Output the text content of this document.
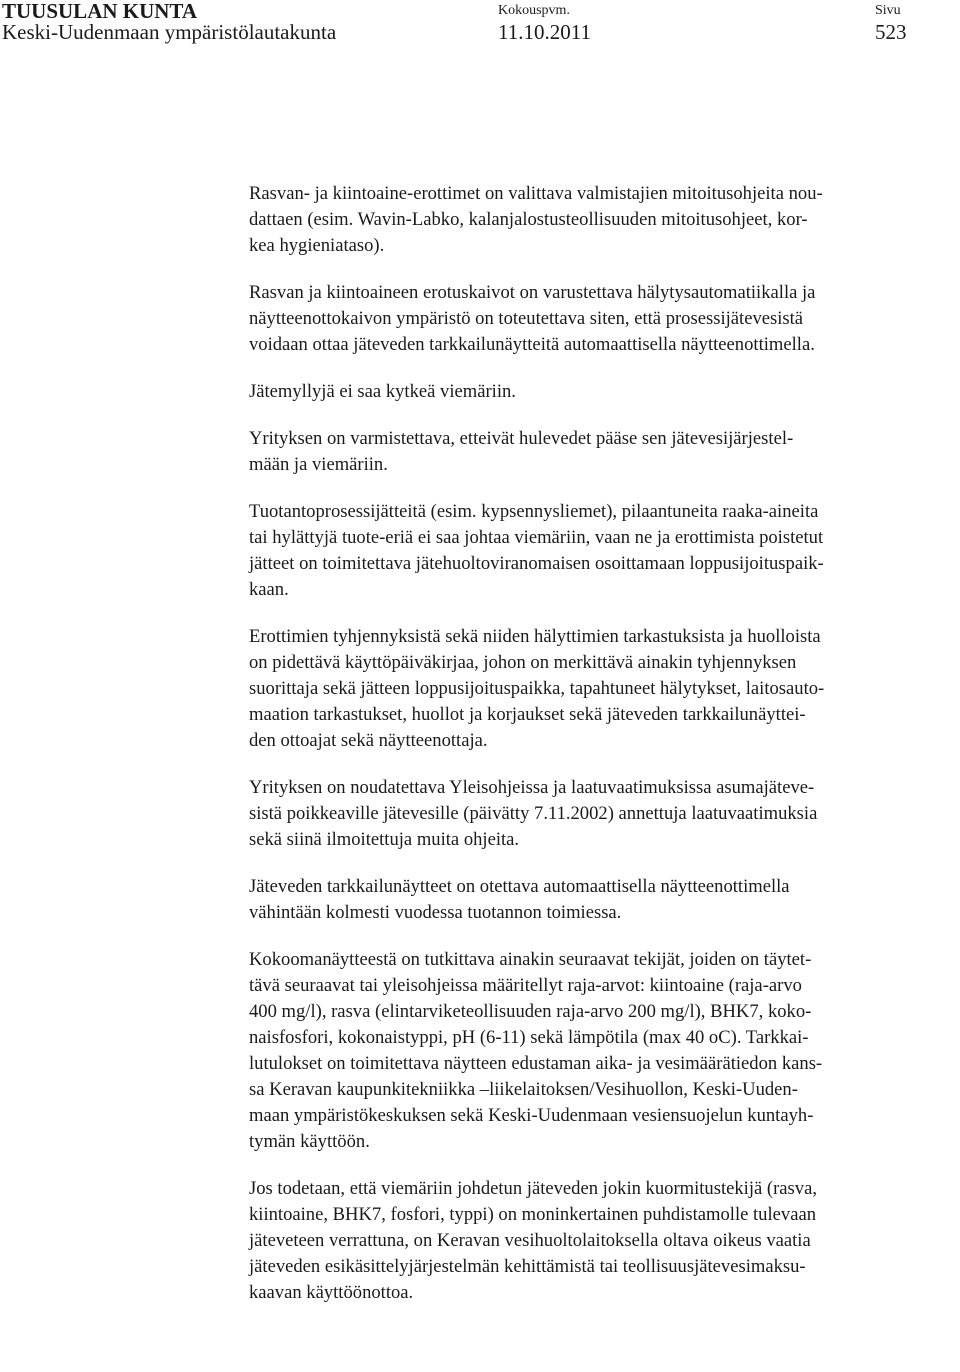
TUUSULAN KUNTA
Keski-Uudenmaan ympäristölautakunta
Kokouspvm.
11.10.2011
Sivu
523

Rasvan- ja kiintoaine-erottimet on valittava valmistajien mitoitusohjeita nou-
dattaen (esim. Wavin-Labko, kalanjalostusteollisuuden mitoitusohjeet, kor-
kea hygieniataso).

Rasvan ja kiintoaineen erotuskaivot on varustettava hälytysautomatiikalla ja
näytteenottokaivon ympäristö on toteutettava siten, että prosessijätevesistä
voidaan ottaa jäteveden tarkkailunäytteitä automaattisella näytteenottimella.

Jätemyllyjä ei saa kytkeä viemäriin.

Yrityksen on varmistettava, etteivät hulevedet pääse sen jätevesijärjestel-
mään ja viemäriin.

Tuotantoprosessijätteitä (esim. kypsennysliemet), pilaantuneita raaka-aineita
tai hylättyjä tuote-eriä ei saa johtaa viemäriin, vaan ne ja erottimista poistetut
jätteet on toimitettava jätehuoltoviranomaisen osoittamaan loppusijoituspaik-
kaan.

Erottimien tyhjennyksistä sekä niiden hälyttimien tarkastuksista ja huolloista
on pidettävä käyttöpäiväkirjaa, johon on merkittävä ainakin tyhjennyksen
suorittaja sekä jätteen loppusijoituspaikka, tapahtuneet hälytykset, laitosauto-
maation tarkastukset, huollot ja korjaukset sekä jäteveden tarkkailunäyttei-
den ottoajat sekä näytteenottaja.

Yrityksen on noudatettava Yleisohjeissa ja laatuvaatimuksissa asumajäteve-
sistä poikkeaville jätevesille (päivätty 7.11.2002) annettuja laatuvaatimuksia
sekä siinä ilmoitettuja muita ohjeita.

Jäteveden tarkkailunäytteet on otettava automaattisella näytteenottimella
vähintään kolmesti vuodessa tuotannon toimiessa.

Kokoomanäytteestä on tutkittava ainakin seuraavat tekijät, joiden on täytet-
tävä seuraavat tai yleisohjeissa määritellyt raja-arvot: kiintoaine (raja-arvo
400 mg/l), rasva (elintarviketeollisuuden raja-arvo 200 mg/l), BHK7, koko-
naisfosfori, kokonaistyppi, pH (6-11) sekä lämpötila (max 40 oC). Tarkkai-
lutulokset on toimitettava näytteen edustaman aika- ja vesimäärätiedon kans-
sa Keravan kaupunkitekniikka –liikelaitoksen/Vesihuollon, Keski-Uuden-
maan ympäristökeskuksen sekä Keski-Uudenmaan vesiensuojelun kuntayh-
tymän käyttöön.

Jos todetaan, että viemäriin johdetun jäteveden jokin kuormitustekijä (rasva,
kiintoaine, BHK7, fosfori, typpi) on moninkertainen puhdistamolle tulevaan
jäteveteen verrattuna, on Keravan vesihuoltolaitoksella oltava oikeus vaatia
jäteveden esikäsittelyjärjestelmän kehittämistä tai teollisuusjätevesimaksu-
kaavan käyttöönottoa.
